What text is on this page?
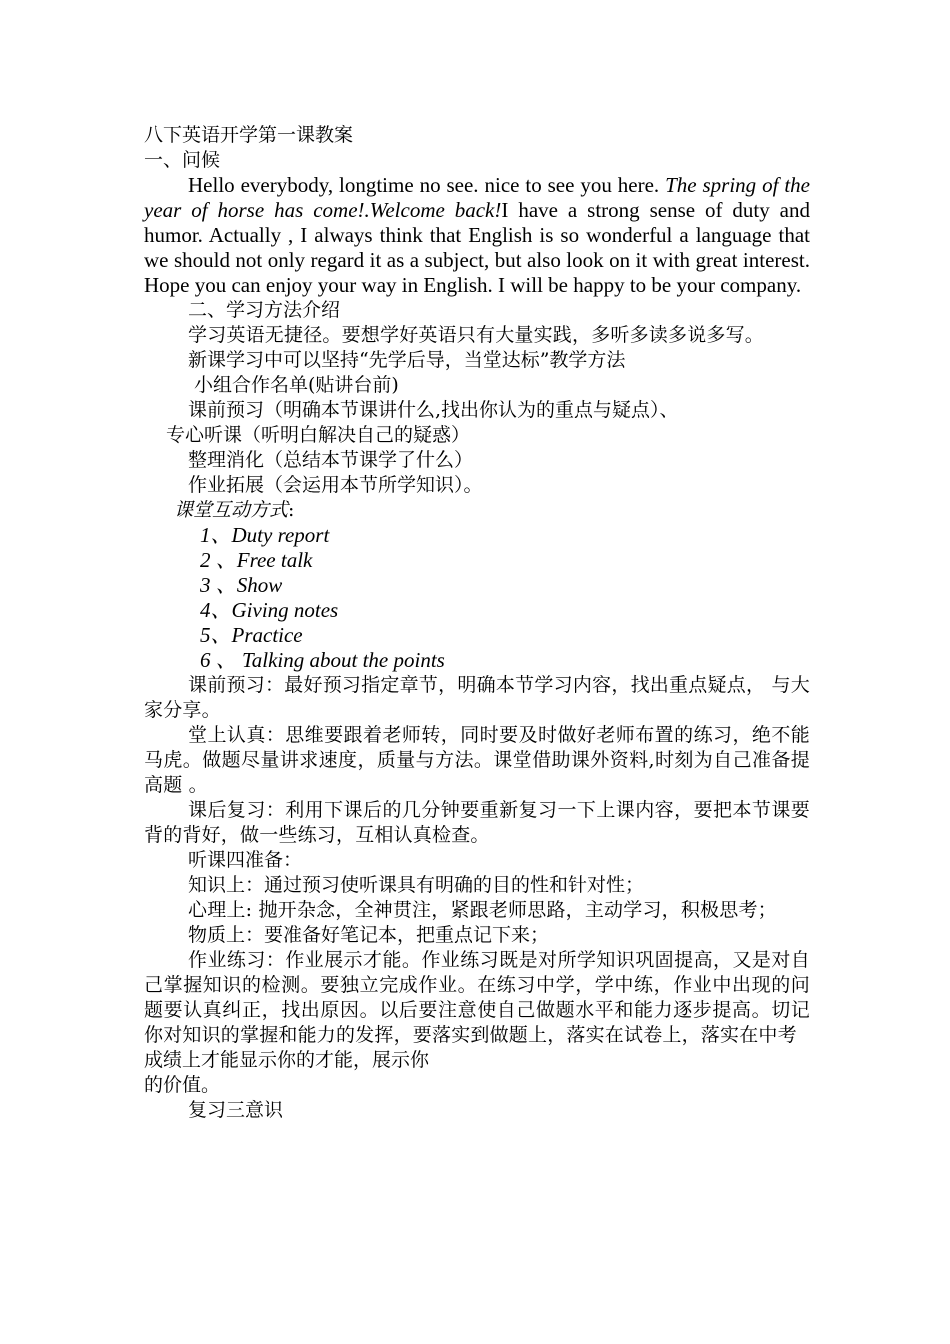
八下英语开学第一课教案
一、问候
Hello everybody, longtime no see. nice to see you here. The spring of the year of horse has come!.Welcome back!I have a strong sense of duty and humor. Actually , I always think that English is so wonderful a language that we should not only regard it as a subject, but also look on it with great interest. Hope you can enjoy your way in English. I will be happy to be your company.
二、学习方法介绍
学习英语无捷径。要想学好英语只有大量实践，多听多读多说多写。
新课学习中可以坚持“先学后导，当堂达标”教学方法
小组合作名单(贴讲台前)
课前预习（明确本节课讲什么,找出你认为的重点与疑点）、
专心听课（听明白解决自己的疑惑）
整理消化（总结本节课学了什么）
作业拓展（会运用本节所学知识）。
课堂互动方式:
1、Duty report
2 、Free talk
3 、Show
4、Giving notes
5、Practice
6 、 Talking about the points
课前预习：最好预习指定章节，明确本节学习内容，找出重点疑点， 与大家分享。
堂上认真：思维要跟着老师转，同时要及时做好老师布置的练习，绝不能马虎。做题尽量讲求速度，质量与方法。课堂借助课外资料,时刻为自己准备提高题 。
课后复习：利用下课后的几分钟要重新复习一下上课内容，要把本节课要背的背好，做一些练习，互相认真检查。
听课四准备：
知识上：通过预习使听课具有明确的目的性和针对性；
心理上: 抛开杂念，全神贯注，紧跟老师思路，主动学习，积极思考；
物质上：要准备好笔记本，把重点记下来；
作业练习：作业展示才能。作业练习既是对所学知识巩固提高，又是对自己掌握知识的检测。要独立完成作业。在练习中学，学中练，作业中出现的问题要认真纠正，找出原因。以后要注意使自己做题水平和能力逐步提高。切记你对知识的掌握和能力的发挥，要落实到做题上，落实在试卷上，落实在中考
成绩上才能显示你的才能，展示你
的价值。
复习三意识
